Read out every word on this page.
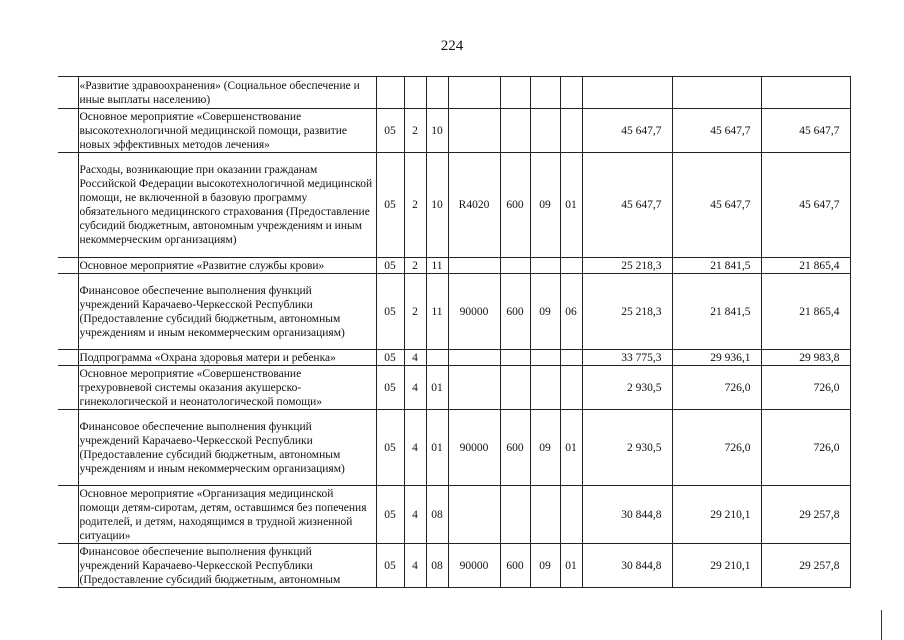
224
	«Развитие здравоохранения» (Социальное обеспечение и иные выплаты населению)										
	Основное мероприятие «Совершенствование высокотехнологичной медицинской помощи, развитие новых эффективных методов лечения»	05	2	10					45 647,7	45 647,7	45 647,7
	Расходы, возникающие при оказании гражданам Российской Федерации высокотехнологичной медицинской помощи, не включенной в базовую программу обязательного медицинского страхования (Предоставление субсидий бюджетным, автономным учреждениям и иным некоммерческим организациям)	05	2	10	R4020	600	09	01	45 647,7	45 647,7	45 647,7
	Основное мероприятие «Развитие службы крови»	05	2	11					25 218,3	21 841,5	21 865,4
	Финансовое обеспечение выполнения функций учреждений Карачаево-Черкесской Республики (Предоставление субсидий бюджетным, автономным учреждениям и иным некоммерческим организациям)	05	2	11	90000	600	09	06	25 218,3	21 841,5	21 865,4
	Подпрограмма «Охрана здоровья матери и ребенка»	05	4						33 775,3	29 936,1	29 983,8
	Основное мероприятие «Совершенствование трехуровневой системы оказания акушерско-гинекологической и неонатологической помощи»	05	4	01					2 930,5	726,0	726,0
	Финансовое обеспечение выполнения функций учреждений Карачаево-Черкесской Республики (Предоставление субсидий бюджетным, автономным учреждениям и иным некоммерческим организациям)	05	4	01	90000	600	09	01	2 930,5	726,0	726,0
	Основное мероприятие «Организация медицинской помощи детям-сиротам, детям, оставшимся без попечения родителей, и детям, находящимся в трудной жизненной ситуации»	05	4	08					30 844,8	29 210,1	29 257,8
	Финансовое обеспечение выполнения функций учреждений Карачаево-Черкесской Республики (Предоставление субсидий бюджетным, автономным	05	4	08	90000	600	09	01	30 844,8	29 210,1	29 257,8
